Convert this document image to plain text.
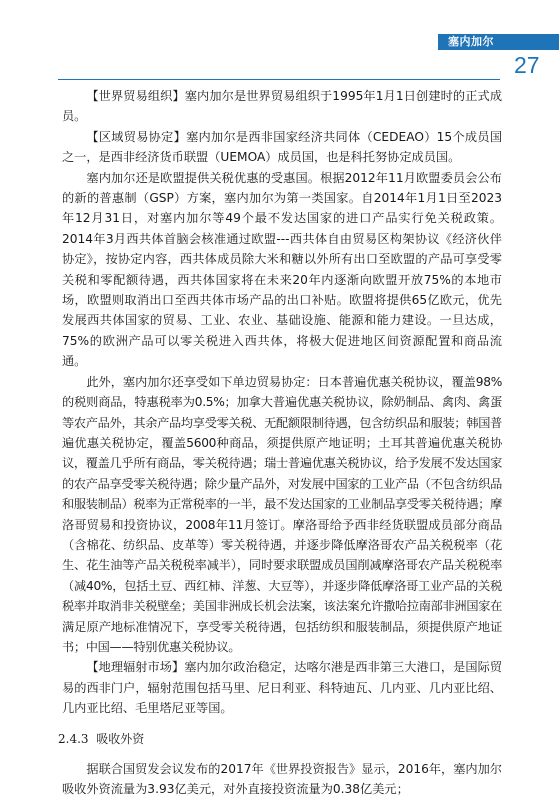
塞内加尔
27

【世界贸易组织】塞内加尔是世界贸易组织于1995年1月1日创建时的正式成员。

【区域贸易协定】塞内加尔是西非国家经济共同体（CEDEAO）15个成员国之一，是西非经济货币联盟（UEMOA）成员国，也是科托努协定成员国。

塞内加尔还是欧盟提供关税优惠的受惠国。根据2012年11月欧盟委员会公布的新的普惠制（GSP）方案，塞内加尔为第一类国家。自2014年1月1日至2023年12月31日，对塞内加尔等49个最不发达国家的进口产品实行免关税政策。2014年3月西共体首脑会核准通过欧盟---西共体自由贸易区构架协议《经济伙伴协定》，按协定内容，西共体成员除大米和糖以外所有出口至欧盟的产品可享受零关税和零配额待遇，西共体国家将在未来20年内逐渐向欧盟开放75%的本地市场，欧盟则取消出口至西共体市场产品的出口补贴。欧盟将提供65亿欧元，优先发展西共体国家的贸易、工业、农业、基础设施、能源和能力建设。一旦达成，75%的欧洲产品可以零关税进入西共体，将极大促进地区间资源配置和商品流通。

此外，塞内加尔还享受如下单边贸易协定：日本普遍优惠关税协议，覆盖98%的税则商品，特惠税率为0.5%；加拿大普遍优惠关税协议，除奶制品、禽肉、禽蛋等农产品外，其余产品均享受零关税、无配额限制待遇，包含纺织品和服装；韩国普遍优惠关税协定，覆盖5600种商品，须提供原产地证明；土耳其普遍优惠关税协议，覆盖几乎所有商品，零关税待遇；瑞士普遍优惠关税协议，给予发展不发达国家的农产品享受零关税待遇；除少量产品外，对发展中国家的工业产品（不包含纺织品和服装制品）税率为正常税率的一半，最不发达国家的工业制品享受零关税待遇；摩洛哥贸易和投资协议，2008年11月签订。摩洛哥给予西非经货联盟成员部分商品（含棉花、纺织品、皮革等）零关税待遇，并逐步降低摩洛哥农产品关税税率（花生、花生油等产品关税税率减半），同时要求联盟成员国削减摩洛哥农产品关税税率（减40%，包括土豆、西红柿、洋葱、大豆等），并逐步降低摩洛哥工业产品的关税税率并取消非关税壁垒；美国非洲成长机会法案，该法案允许撒哈拉南部非洲国家在满足原产地标准情况下，享受零关税待遇，包括纺织和服装制品，须提供原产地证书；中国——特别优惠关税协议。

【地理辐射市场】塞内加尔政治稳定，达喀尔港是西非第三大港口，是国际贸易的西非门户，辐射范围包括马里、尼日利亚、科特迪瓦、几内亚、几内亚比绍、几内亚比绍、毛里塔尼亚等国。

2.4.3 吸收外资

据联合国贸发会议发布的2017年《世界投资报告》显示，2016年，塞内加尔吸收外资流量为3.93亿美元，对外直接投资流量为0.38亿美元；
